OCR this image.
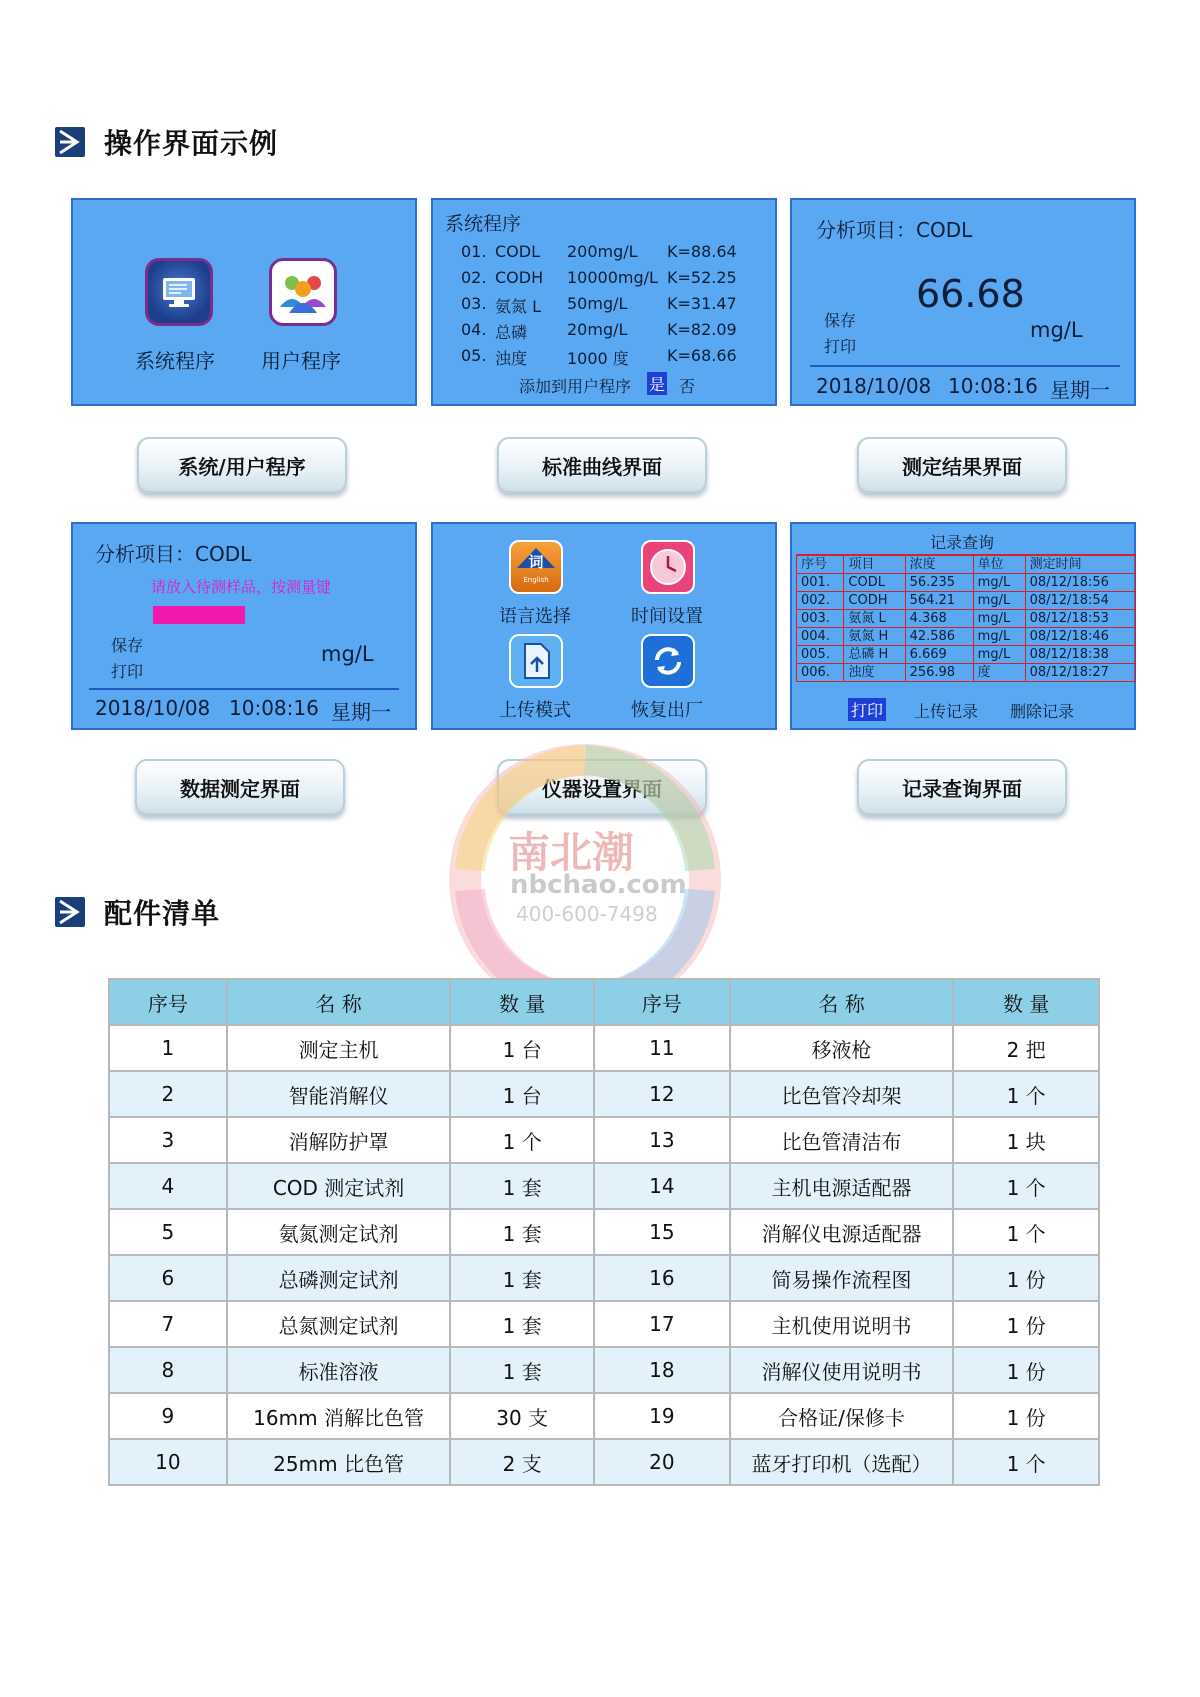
操作界面示例
系统程序 用户程序
系统/用户程序
系统程序
01. CODL 200mg/L K=88.64
02. CODH 10000mg/L K=52.25
03. 氨氮 L 50mg/L K=31.47
04. 总磷 20mg/L K=82.09
05. 浊度 1000 度 K=68.66
添加到用户程序 是 否
标准曲线界面
分析项目：CODL
66.68
保存
打印
mg/L
2018/10/08 10:08:16 星期一
测定结果界面
分析项目：CODL
请放入待测样品，按测量键
保存
打印
mg/L
2018/10/08 10:08:16 星期一
数据测定界面
词
English
语言选择	时间设置
上传模式	恢复出厂
仪器设置界面
记录查询
序号	项目	浓度	单位	测定时间
001.	CODL	56.235	mg/L	08/12/18:56
002.	CODH	564.21	mg/L	08/12/18:54
003.	氨氮 L	4.368	mg/L	08/12/18:53
004.	氨氮 H	42.586	mg/L	08/12/18:46
005.	总磷 H	6.669	mg/L	08/12/18:38
006.	浊度	256.98	度	08/12/18:27
打印 上传记录 删除记录
记录查询界面
南北潮
nbchao.com
400-600-7498
配件清单
序号	名 称	数 量	序号	名 称	数 量
1	测定主机	1 台	11	移液枪	2 把
2	智能消解仪	1 台	12	比色管冷却架	1 个
3	消解防护罩	1 个	13	比色管清洁布	1 块
4	COD 测定试剂	1 套	14	主机电源适配器	1 个
5	氨氮测定试剂	1 套	15	消解仪电源适配器	1 个
6	总磷测定试剂	1 套	16	简易操作流程图	1 份
7	总氮测定试剂	1 套	17	主机使用说明书	1 份
8	标准溶液	1 套	18	消解仪使用说明书	1 份
9	16mm 消解比色管	30 支	19	合格证/保修卡	1 份
10	25mm 比色管	2 支	20	蓝牙打印机（选配）	1 个
